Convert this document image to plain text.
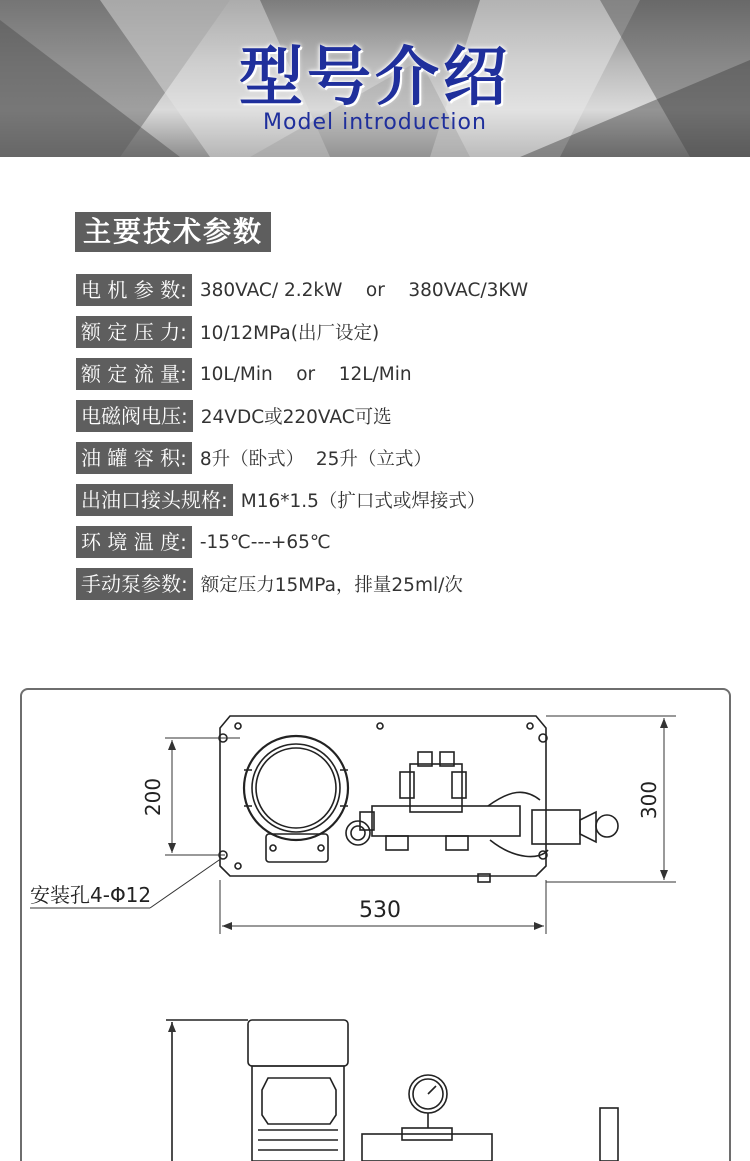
型号介绍
Model introduction
主要技术参数
电 机 参 数: 380VAC/ 2.2kW    or    380VAC/3KW
额 定 压 力: 10/12MPa(出厂设定)
额 定 流 量: 10L/Min    or    12L/Min
电磁阀电压: 24VDC或220VAC可选
油 罐 容 积: 8升（卧式）  25升（立式）
出油口接头规格: M16*1.5（扩口式或焊接式）
环 境 温 度: -15℃---+65℃
手动泵参数: 额定压力15MPa，排量25ml/次
200	300
530
安装孔4-Φ12
